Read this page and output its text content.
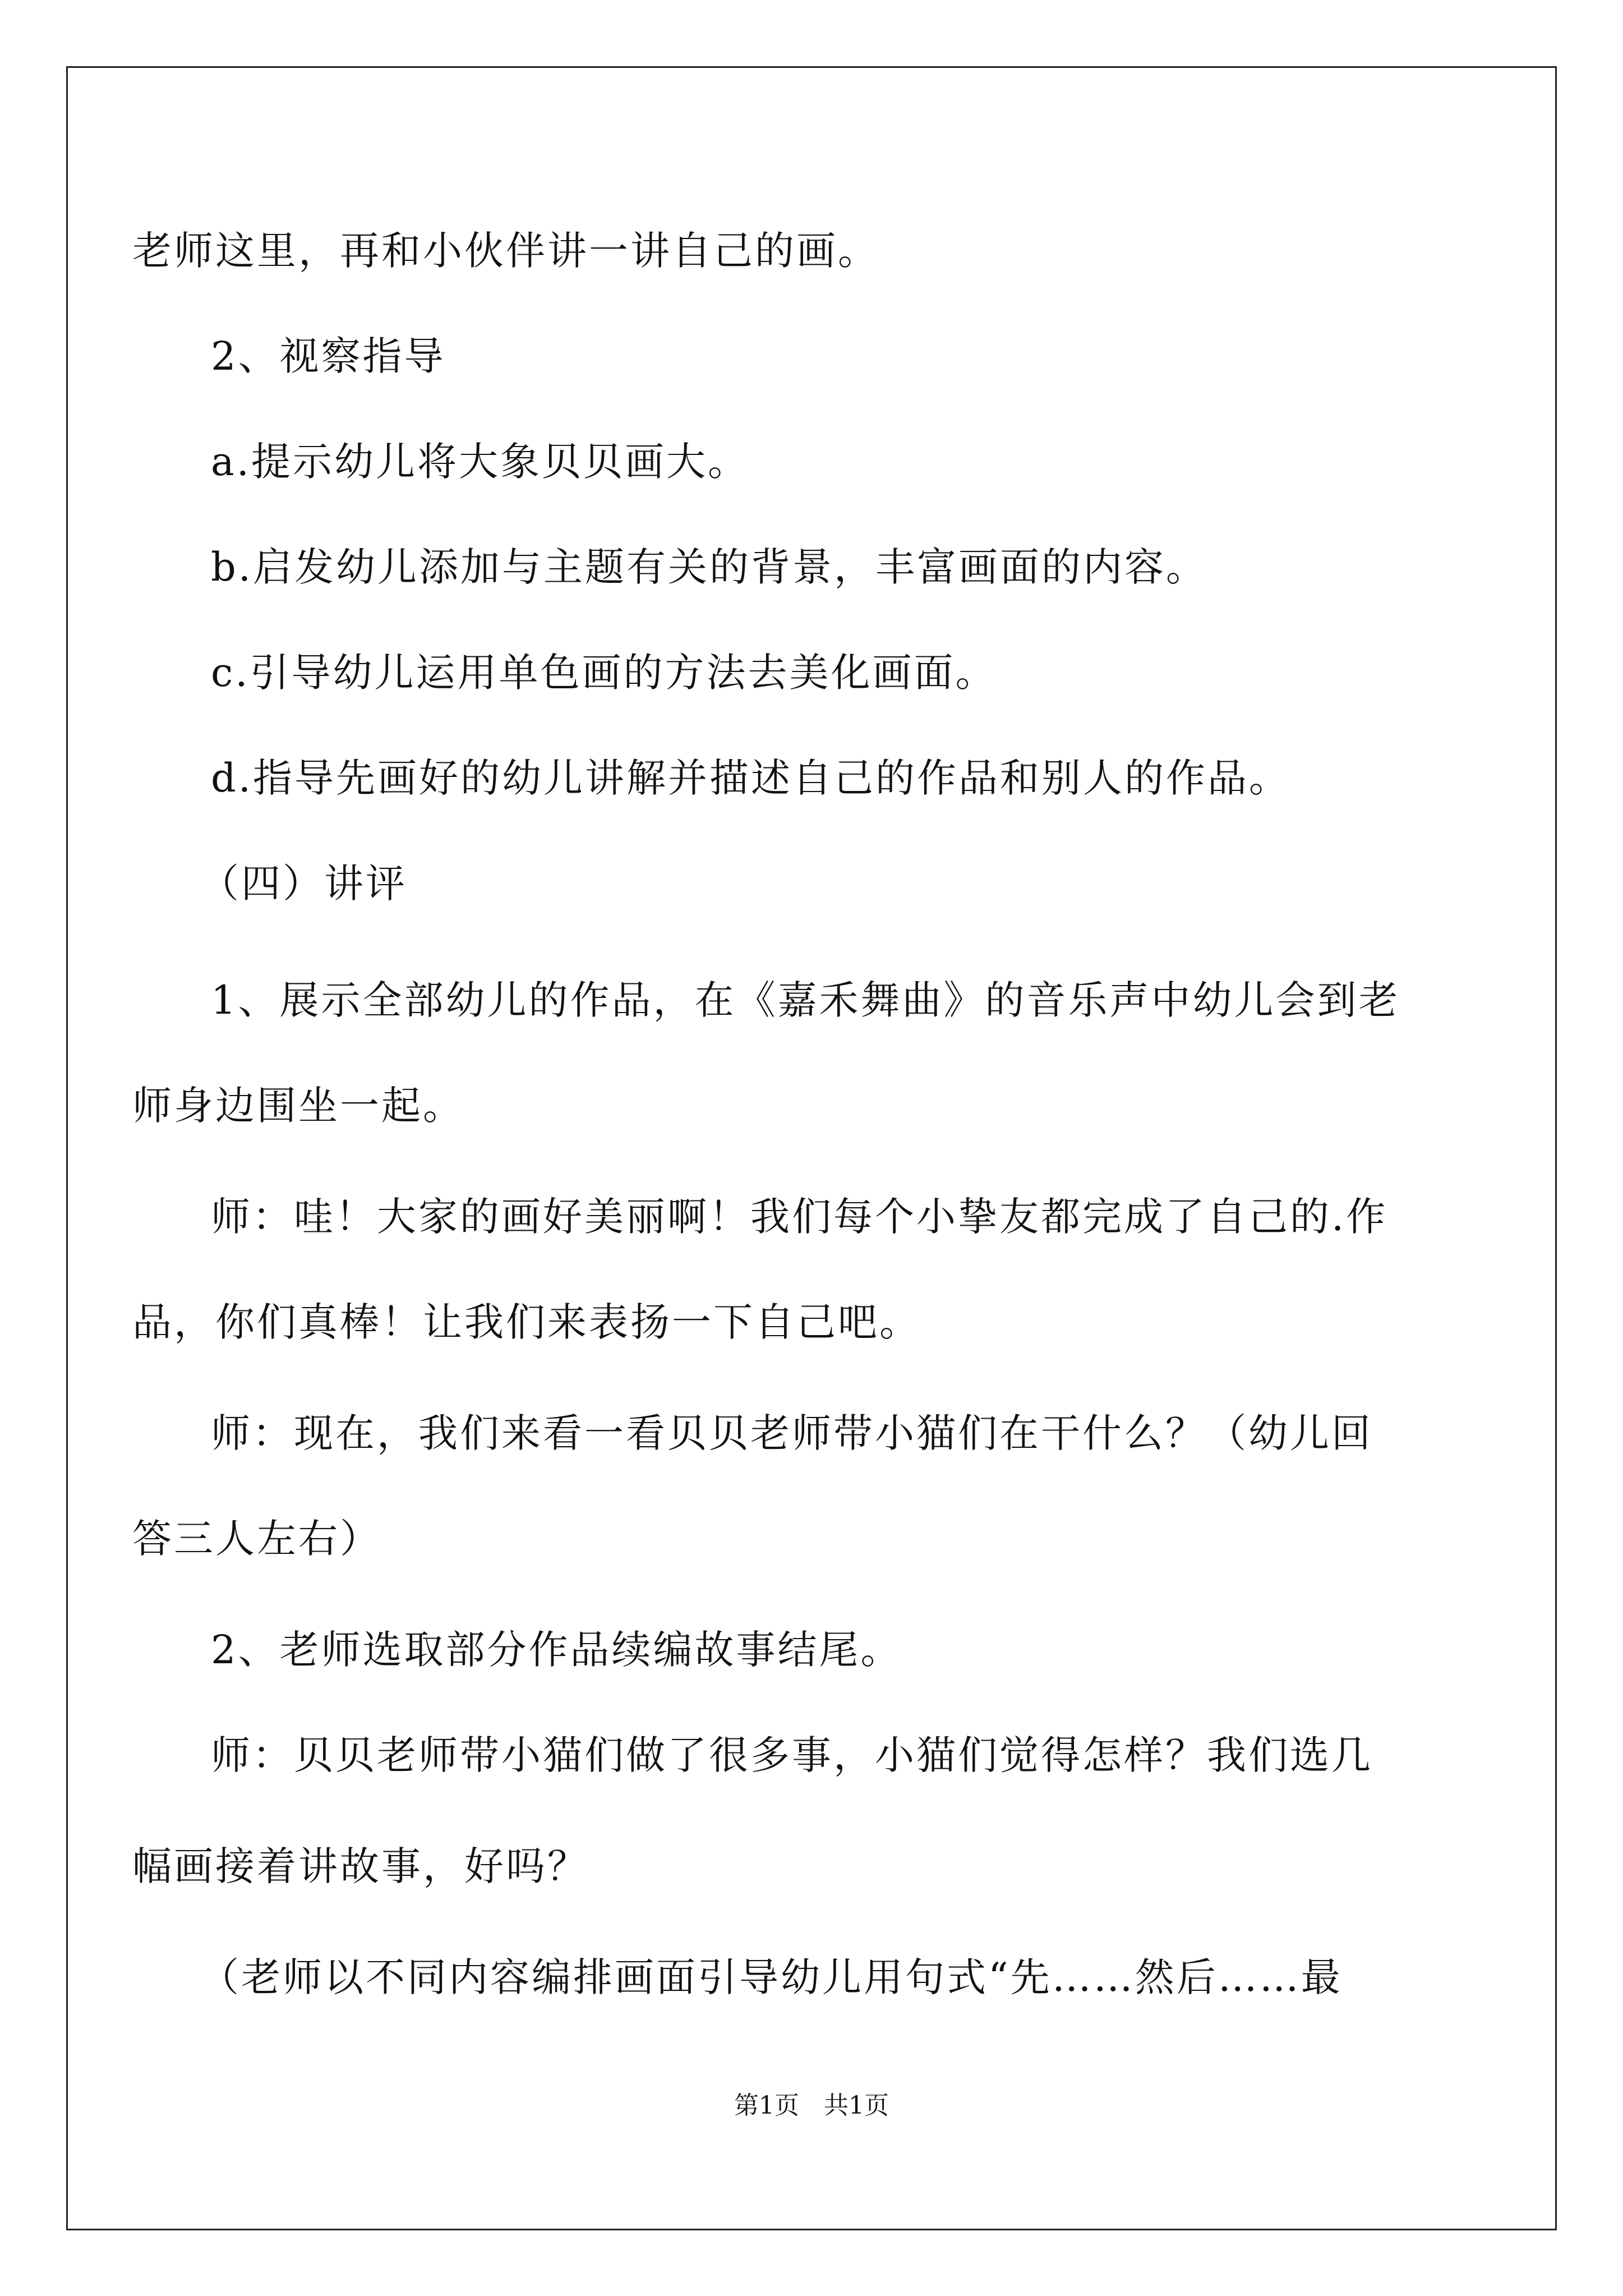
老师这里，再和小伙伴讲一讲自己的画。
2、视察指导
a.提示幼儿将大象贝贝画大。
b.启发幼儿添加与主题有关的背景，丰富画面的内容。
c.引导幼儿运用单色画的方法去美化画面。
d.指导先画好的幼儿讲解并描述自己的作品和别人的作品。
（四）讲评
1、展示全部幼儿的作品，在《嘉禾舞曲》的音乐声中幼儿会到老
师身边围坐一起。
师：哇！大家的画好美丽啊！我们每个小挚友都完成了自己的.作
品，你们真棒！让我们来表扬一下自己吧。
师：现在，我们来看一看贝贝老师带小猫们在干什么？（幼儿回
答三人左右）
2、老师选取部分作品续编故事结尾。
师：贝贝老师带小猫们做了很多事，小猫们觉得怎样？我们选几
幅画接着讲故事，好吗？
（老师以不同内容编排画面引导幼儿用句式“先……然后……最
第1页　共1页
